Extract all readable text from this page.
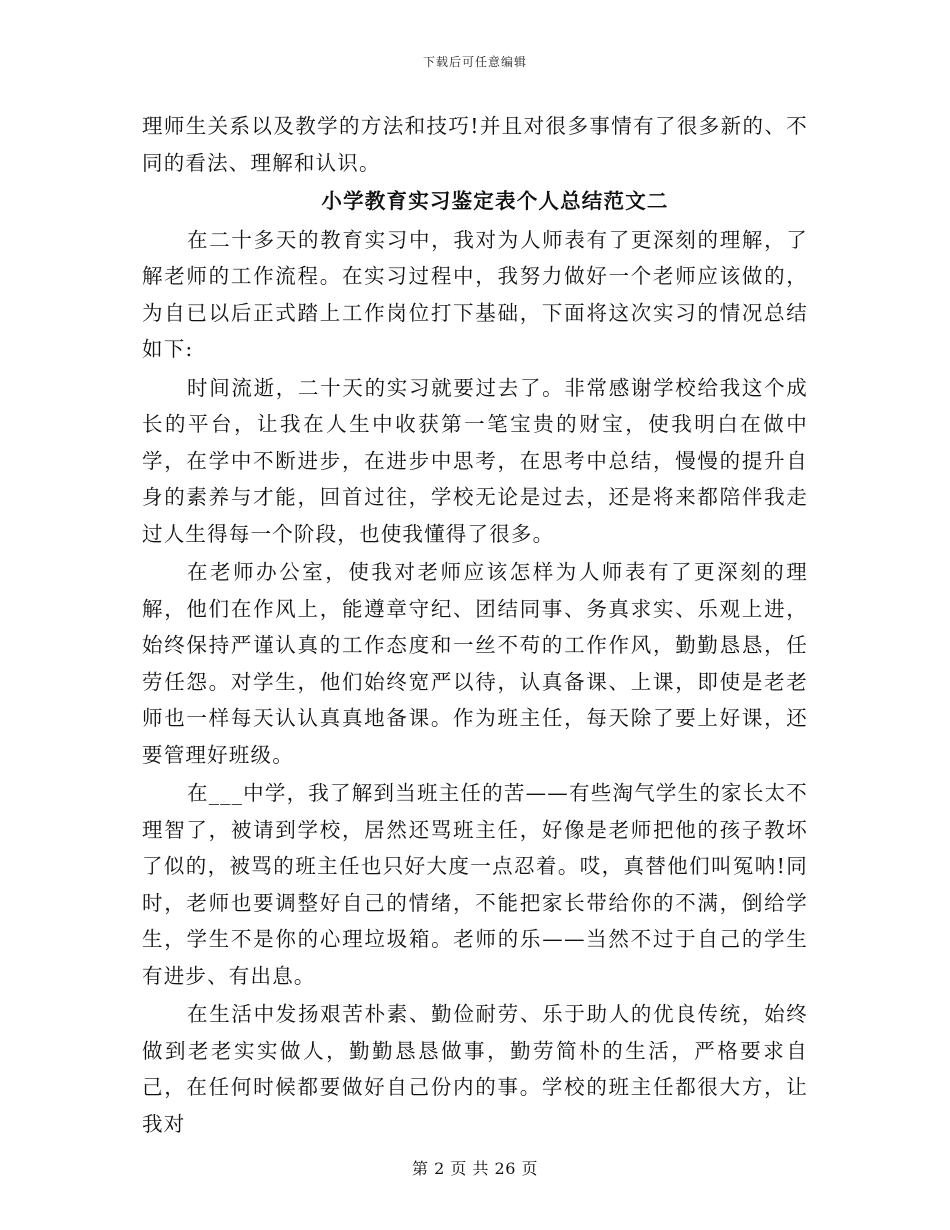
下载后可任意编辑

理师生关系以及教学的方法和技巧!并且对很多事情有了很多新的、不同的看法、理解和认识。

小学教育实习鉴定表个人总结范文二

在二十多天的教育实习中，我对为人师表有了更深刻的理解，了解老师的工作流程。在实习过程中，我努力做好一个老师应该做的，为自已以后正式踏上工作岗位打下基础，下面将这次实习的情况总结如下:

时间流逝，二十天的实习就要过去了。非常感谢学校给我这个成长的平台，让我在人生中收获第一笔宝贵的财宝，使我明白在做中学，在学中不断进步，在进步中思考，在思考中总结，慢慢的提升自身的素养与才能，回首过往，学校无论是过去，还是将来都陪伴我走过人生得每一个阶段，也使我懂得了很多。

在老师办公室，使我对老师应该怎样为人师表有了更深刻的理解，他们在作风上，能遵章守纪、团结同事、务真求实、乐观上进，始终保持严谨认真的工作态度和一丝不苟的工作作风，勤勤恳恳，任劳任怨。对学生，他们始终宽严以待，认真备课、上课，即使是老老师也一样每天认认真真地备课。作为班主任，每天除了要上好课，还要管理好班级。

在___中学，我了解到当班主任的苦——有些淘气学生的家长太不理智了，被请到学校，居然还骂班主任，好像是老师把他的孩子教坏了似的，被骂的班主任也只好大度一点忍着。哎，真替他们叫冤呐!同时，老师也要调整好自己的情绪，不能把家长带给你的不满，倒给学生，学生不是你的心理垃圾箱。老师的乐——当然不过于自己的学生有进步、有出息。

在生活中发扬艰苦朴素、勤俭耐劳、乐于助人的优良传统，始终做到老老实实做人，勤勤恳恳做事，勤劳简朴的生活，严格要求自己，在任何时候都要做好自己份内的事。学校的班主任都很大方，让我对

第 2 页 共 26 页
